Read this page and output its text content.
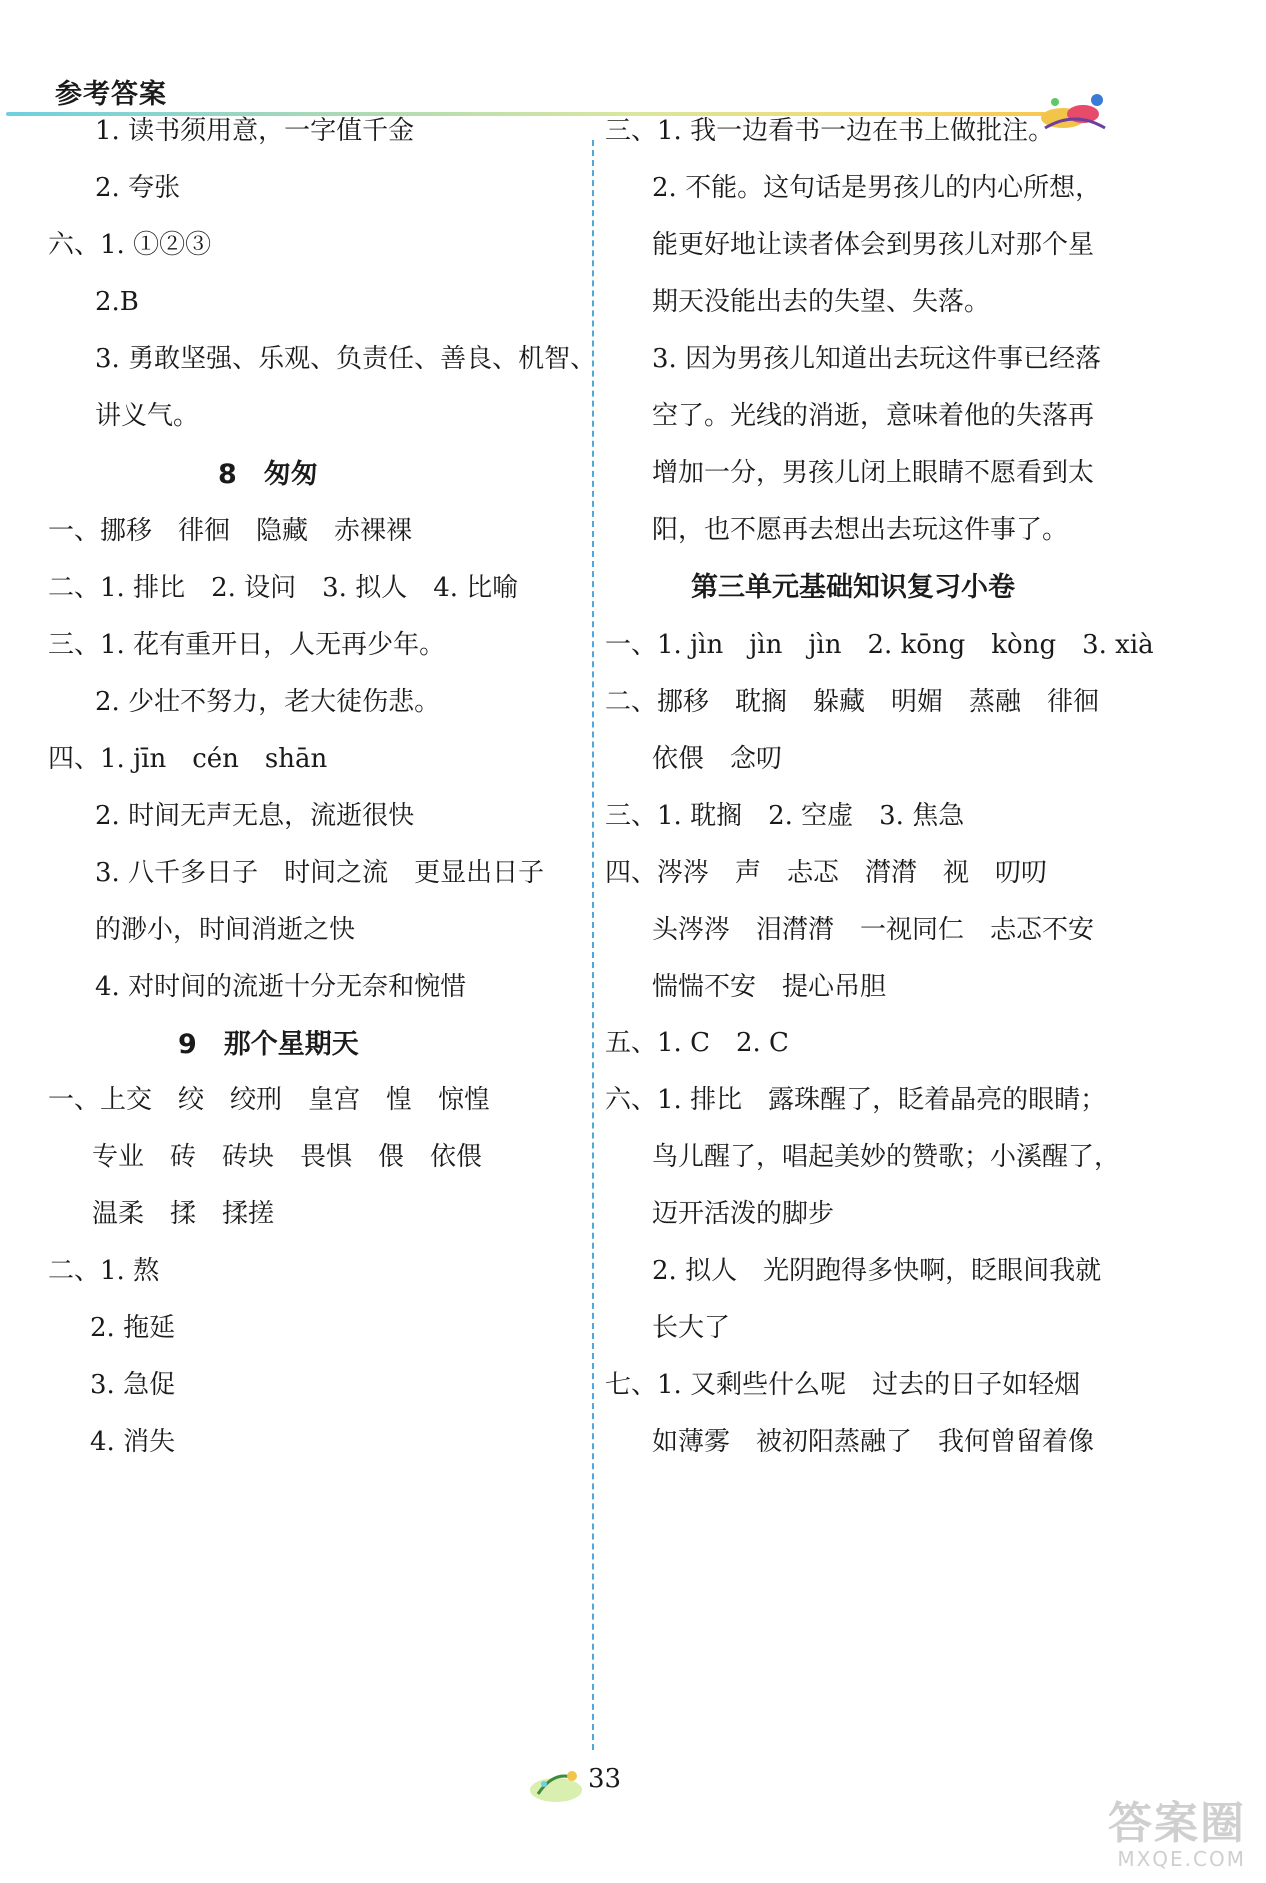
参考答案
1. 读书须用意，一字值千金
2. 夸张
六、1. ①②③
2.B
3. 勇敢坚强、乐观、负责任、善良、机智、
讲义气。
8　匆匆
一、挪移　徘徊　隐藏　赤裸裸
二、1. 排比　2. 设问　3. 拟人　4. 比喻
三、1. 花有重开日，人无再少年。
2. 少壮不努力，老大徒伤悲。
四、1. jīn　cén　shān
2. 时间无声无息，流逝很快
3. 八千多日子　时间之流　更显出日子
的渺小，时间消逝之快
4. 对时间的流逝十分无奈和惋惜
9　那个星期天
一、上交　绞　绞刑　皇宫　惶　惊惶
专业　砖　砖块　畏惧　偎　依偎
温柔　揉　揉搓
二、1. 熬
2. 拖延
3. 急促
4. 消失
三、1. 我一边看书一边在书上做批注。
2. 不能。这句话是男孩儿的内心所想，
能更好地让读者体会到男孩儿对那个星
期天没能出去的失望、失落。
3. 因为男孩儿知道出去玩这件事已经落
空了。光线的消逝，意味着他的失落再
增加一分，男孩儿闭上眼睛不愿看到太
阳，也不愿再去想出去玩这件事了。
第三单元基础知识复习小卷
一、1. jìn　jìn　jìn　2. kōng　kòng　3. xià
二、挪移　耽搁　躲藏　明媚　蒸融　徘徊
依偎　念叨
三、1. 耽搁　2. 空虚　3. 焦急
四、涔涔　声　忐忑　潸潸　视　叨叨
头涔涔　泪潸潸　一视同仁　忐忑不安
惴惴不安　提心吊胆
五、1. C　2. C
六、1. 排比　露珠醒了，眨着晶亮的眼睛；
鸟儿醒了，唱起美妙的赞歌；小溪醒了，
迈开活泼的脚步
2. 拟人　光阴跑得多快啊，眨眼间我就
长大了
七、1. 又剩些什么呢　过去的日子如轻烟
如薄雾　被初阳蒸融了　我何曾留着像
33
答案圈
MXQE.COM
